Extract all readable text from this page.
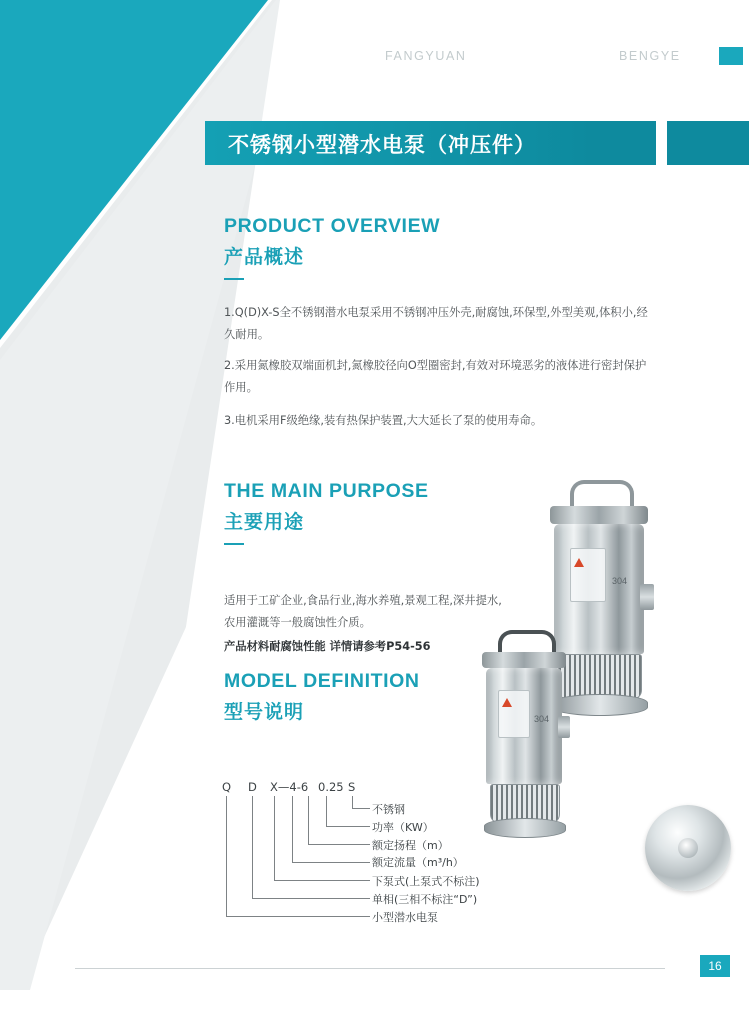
FANGYUAN	BENGYE
不锈钢小型潜水电泵（冲压件）
PRODUCT OVERVIEW
产品概述
1.Q(D)X-S全不锈钢潜水电泵采用不锈钢冲压外壳,耐腐蚀,环保型,外型美观,体积小,经久耐用。
2.采用氮橡胶双端面机封,氮橡胶径向O型圈密封,有效对环境恶劣的液体进行密封保护作用。
3.电机采用F级绝缘,装有热保护装置,大大延长了泵的使用寿命。
THE MAIN PURPOSE
主要用途
适用于工矿企业,食品行业,海水养殖,景观工程,深井提水,农用灌溉等一般腐蚀性介质。
产品材料耐腐蚀性能 详情请参考P54-56
MODEL DEFINITION
型号说明
Q D X—4-6 0.25 S
不锈钢
功率（KW）
额定扬程（m）
额定流量（m³/h）
下泵式(上泵式不标注)
单相(三相不标注“D”)
小型潜水电泵
304
304
16
